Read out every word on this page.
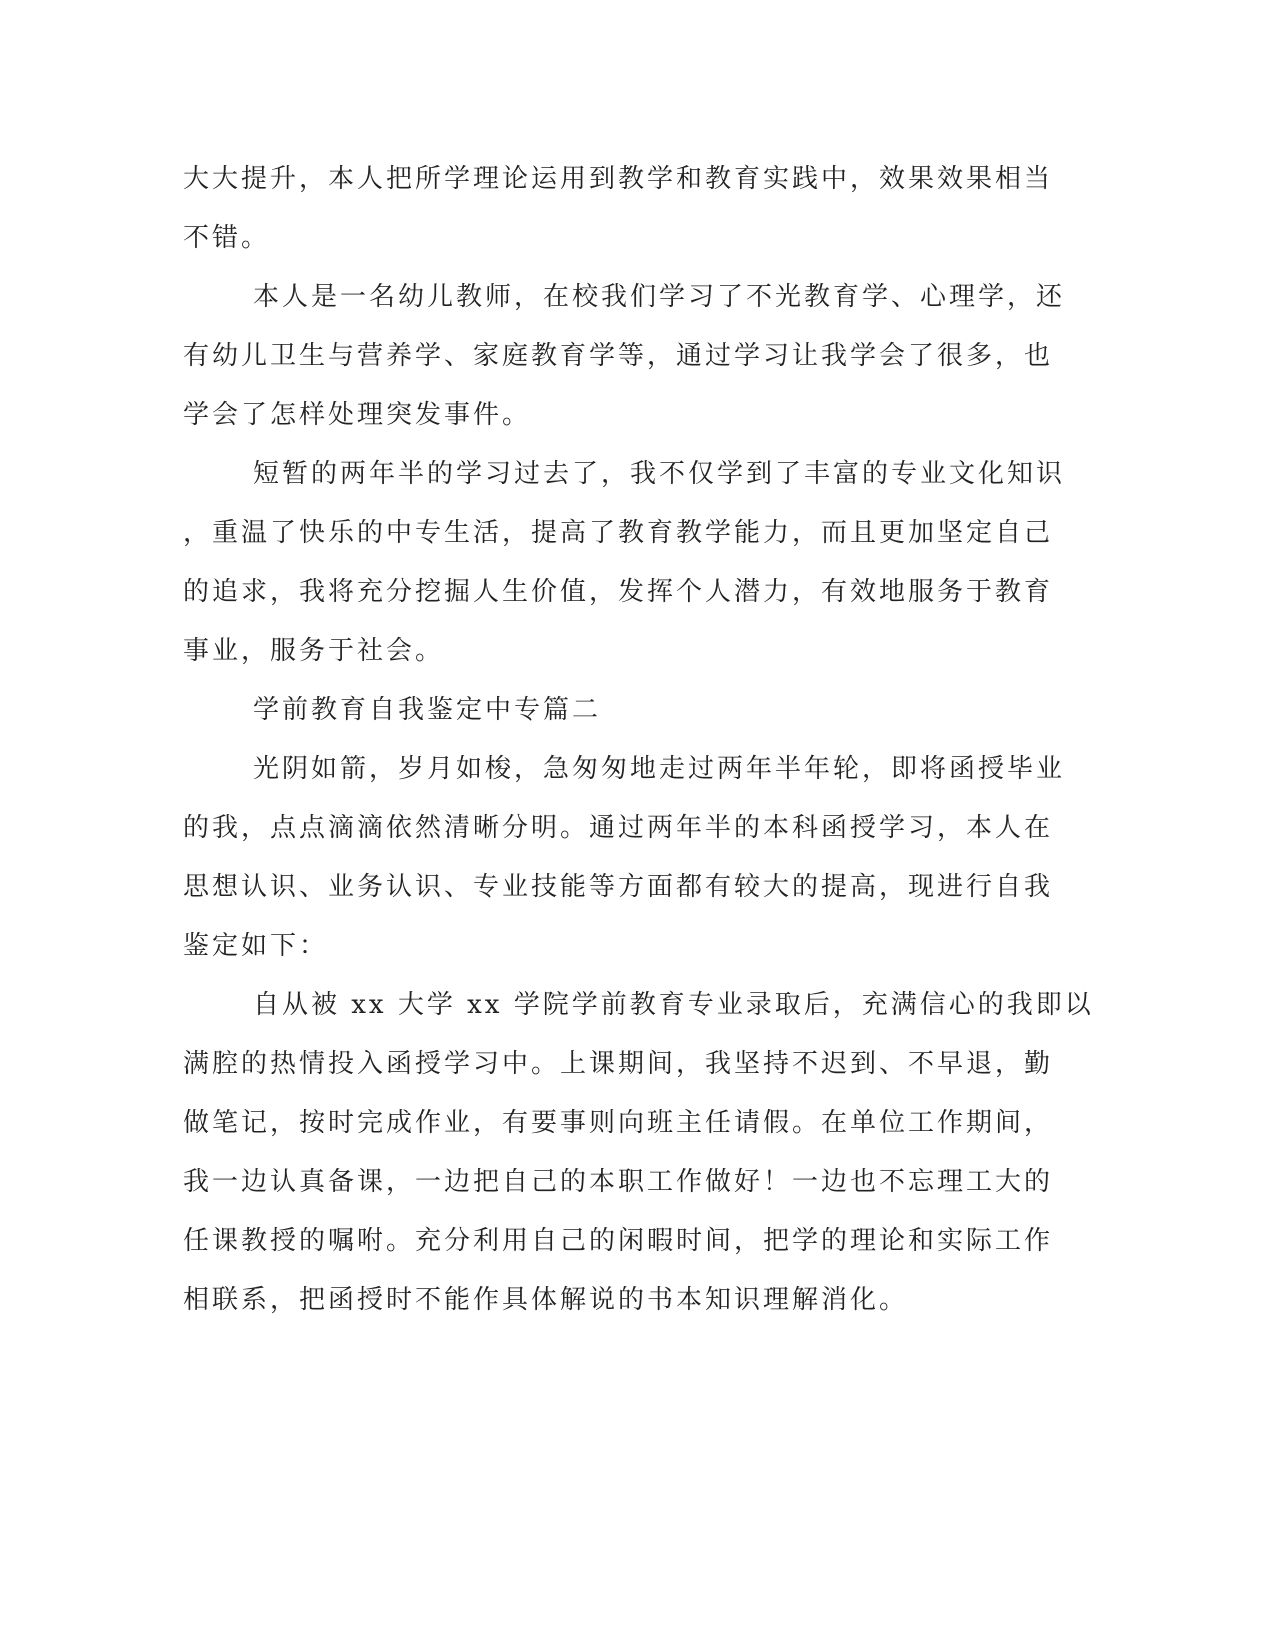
大大提升，本人把所学理论运用到教学和教育实践中，效果效果相当
不错。
本人是一名幼儿教师，在校我们学习了不光教育学、心理学，还
有幼儿卫生与营养学、家庭教育学等，通过学习让我学会了很多，也
学会了怎样处理突发事件。
短暂的两年半的学习过去了，我不仅学到了丰富的专业文化知识
，重温了快乐的中专生活，提高了教育教学能力，而且更加坚定自己
的追求，我将充分挖掘人生价值，发挥个人潜力，有效地服务于教育
事业，服务于社会。
学前教育自我鉴定中专篇二
光阴如箭，岁月如梭，急匆匆地走过两年半年轮，即将函授毕业
的我，点点滴滴依然清晰分明。通过两年半的本科函授学习，本人在
思想认识、业务认识、专业技能等方面都有较大的提高，现进行自我
鉴定如下：
自从被 xx 大学 xx 学院学前教育专业录取后，充满信心的我即以
满腔的热情投入函授学习中。上课期间，我坚持不迟到、不早退，勤
做笔记，按时完成作业，有要事则向班主任请假。在单位工作期间，
我一边认真备课，一边把自己的本职工作做好！一边也不忘理工大的
任课教授的嘱咐。充分利用自己的闲暇时间，把学的理论和实际工作
相联系，把函授时不能作具体解说的书本知识理解消化。
